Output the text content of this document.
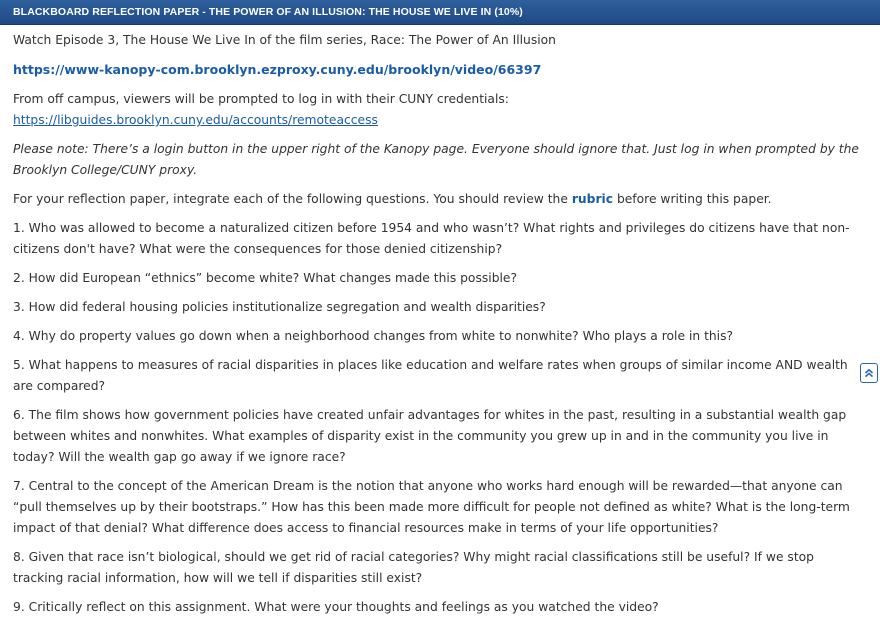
BLACKBOARD REFLECTION PAPER - THE POWER OF AN ILLUSION: THE HOUSE WE LIVE IN (10%)

Watch Episode 3, The House We Live In of the film series, Race: The Power of An Illusion

https://www-kanopy-com.brooklyn.ezproxy.cuny.edu/brooklyn/video/66397

From off campus, viewers will be prompted to log in with their CUNY credentials: https://libguides.brooklyn.cuny.edu/accounts/remoteaccess

Please note: There’s a login button in the upper right of the Kanopy page. Everyone should ignore that. Just log in when prompted by the Brooklyn College/CUNY proxy.

For your reflection paper, integrate each of the following questions. You should review the rubric before writing this paper.

1. Who was allowed to become a naturalized citizen before 1954 and who wasn’t? What rights and privileges do citizens have that non-citizens don't have? What were the consequences for those denied citizenship?

2. How did European “ethnics” become white? What changes made this possible?

3. How did federal housing policies institutionalize segregation and wealth disparities?

4. Why do property values go down when a neighborhood changes from white to nonwhite? Who plays a role in this?

5. What happens to measures of racial disparities in places like education and welfare rates when groups of similar income AND wealth are compared?

6. The film shows how government policies have created unfair advantages for whites in the past, resulting in a substantial wealth gap between whites and nonwhites. What examples of disparity exist in the community you grew up in and in the community you live in today? Will the wealth gap go away if we ignore race?

7. Central to the concept of the American Dream is the notion that anyone who works hard enough will be rewarded—that anyone can “pull themselves up by their bootstraps.” How has this been made more difficult for people not defined as white? What is the long-term impact of that denial? What difference does access to financial resources make in terms of your life opportunities?

8. Given that race isn’t biological, should we get rid of racial categories? Why might racial classifications still be useful? If we stop tracking racial information, how will we tell if disparities still exist?

9. Critically reflect on this assignment. What were your thoughts and feelings as you watched the video?
